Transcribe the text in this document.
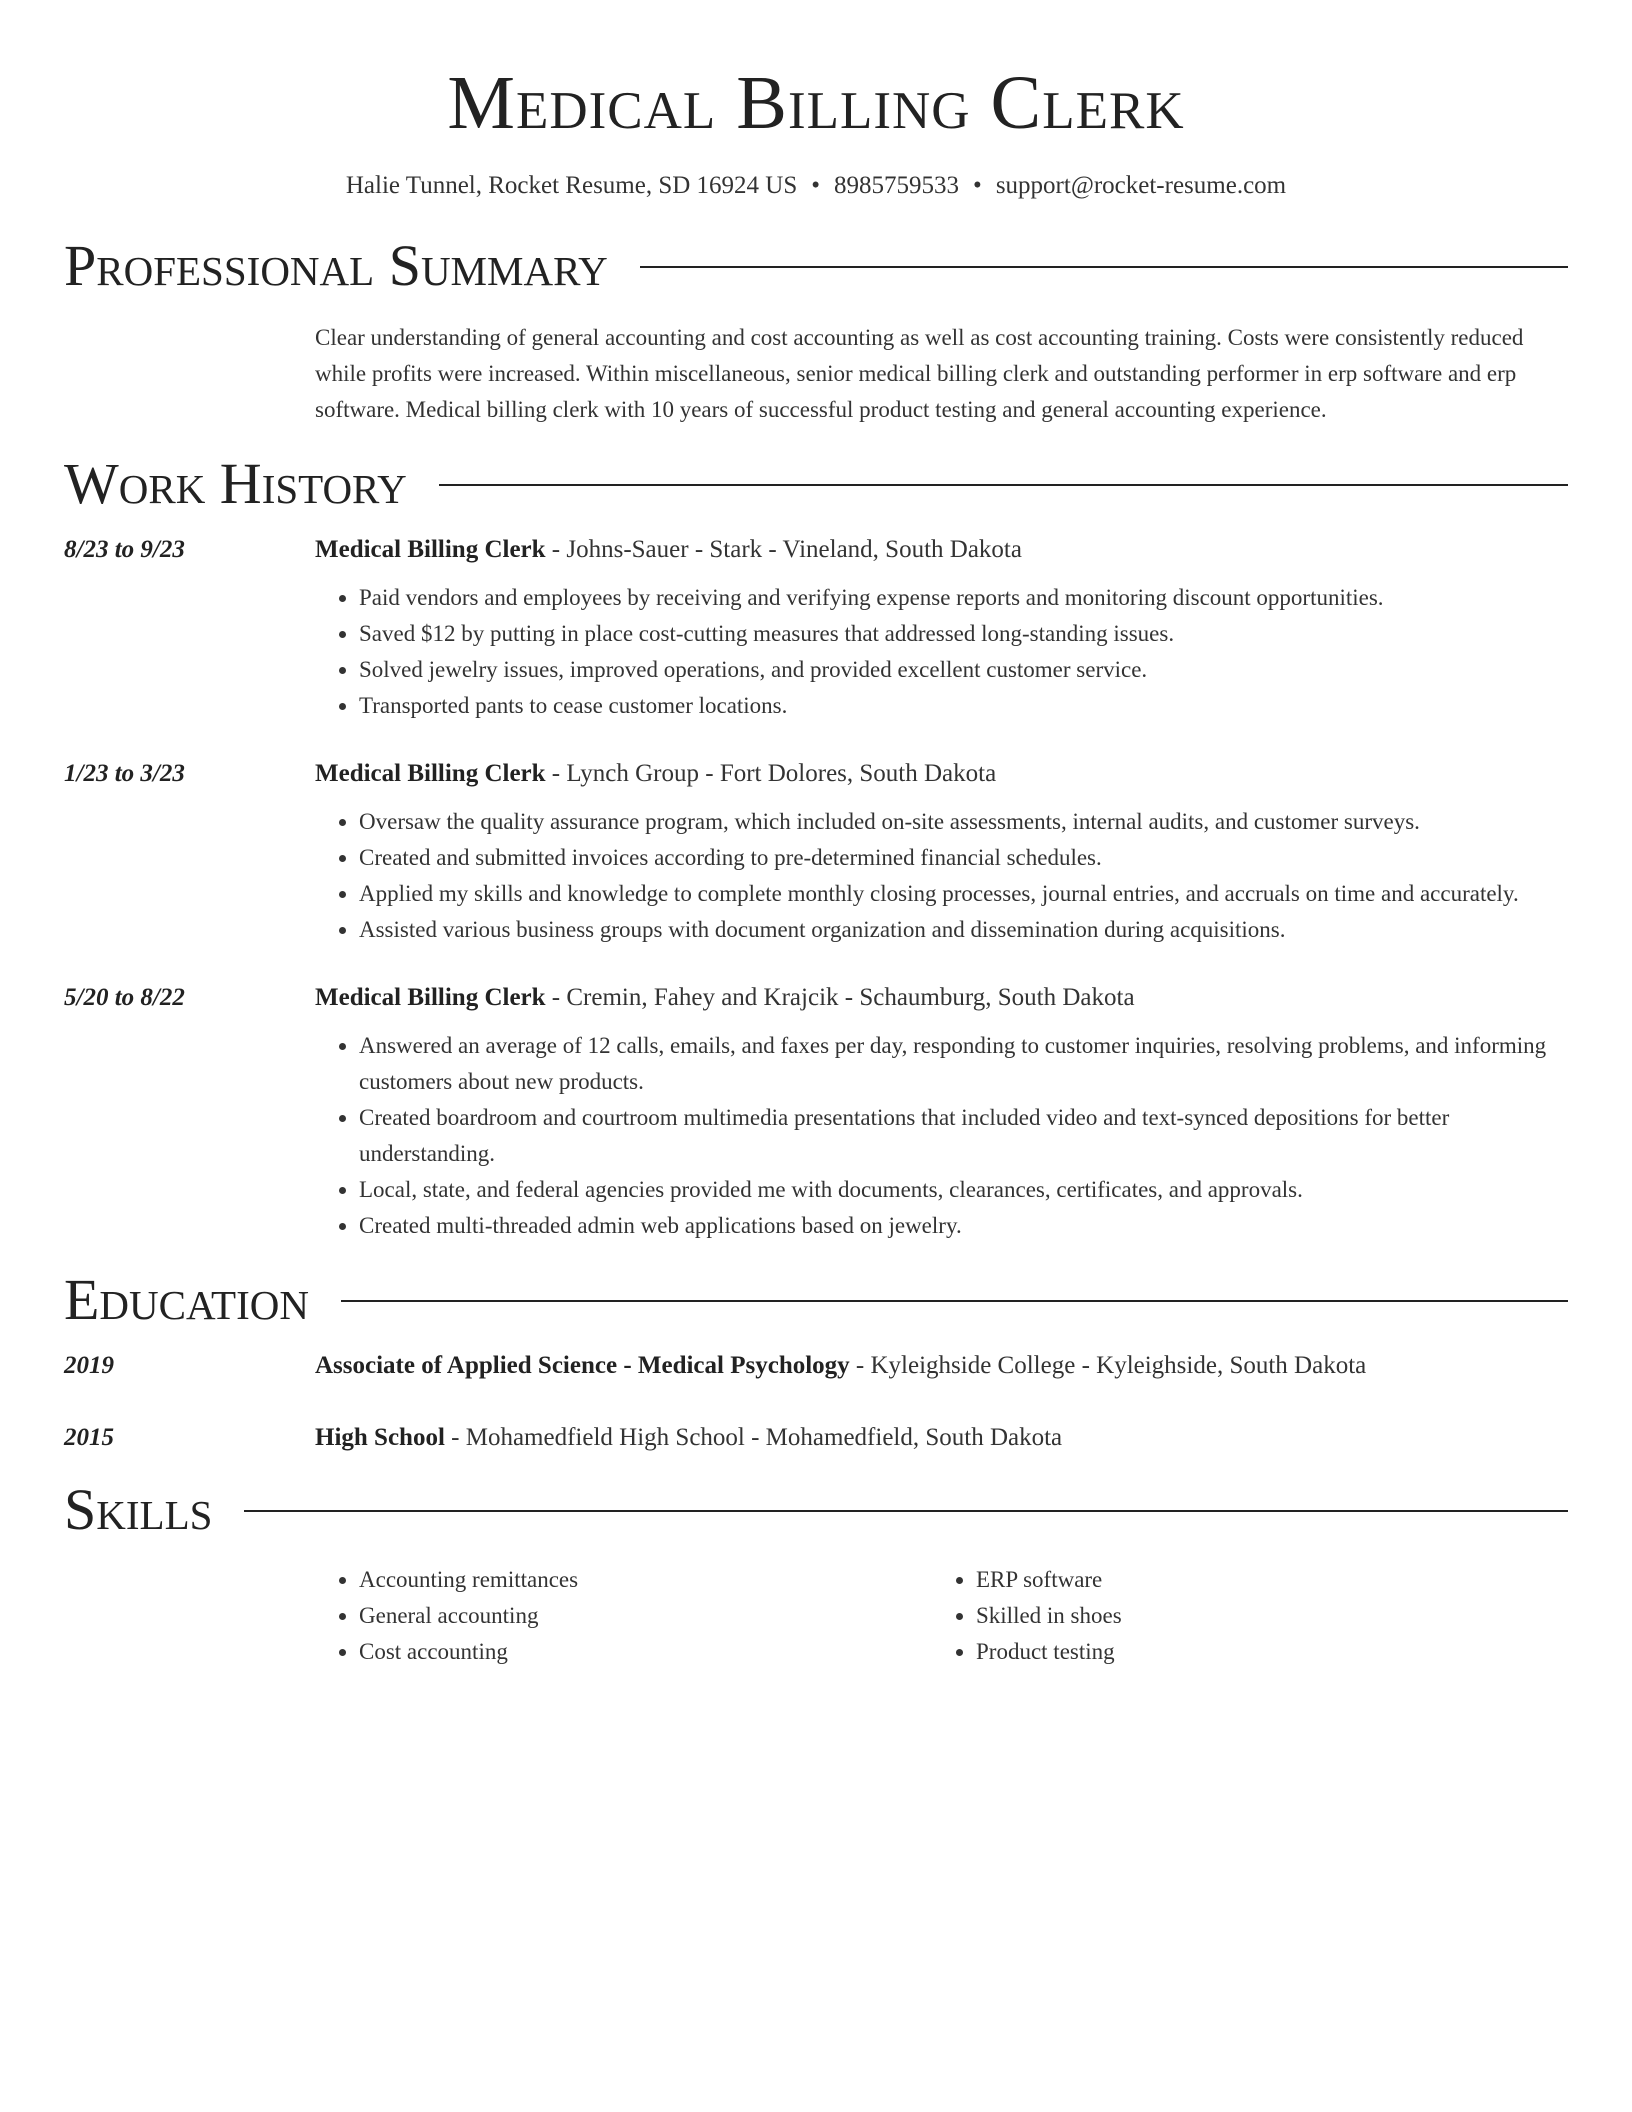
Medical Billing Clerk
Halie Tunnel, Rocket Resume, SD 16924 US • 8985759533 • support@rocket-resume.com
Professional Summary
Clear understanding of general accounting and cost accounting as well as cost accounting training. Costs were consistently reduced while profits were increased. Within miscellaneous, senior medical billing clerk and outstanding performer in erp software and erp software. Medical billing clerk with 10 years of successful product testing and general accounting experience.
Work History
8/23 to 9/23	Medical Billing Clerk - Johns-Sauer - Stark - Vineland, South Dakota
• Paid vendors and employees by receiving and verifying expense reports and monitoring discount opportunities.
• Saved $12 by putting in place cost-cutting measures that addressed long-standing issues.
• Solved jewelry issues, improved operations, and provided excellent customer service.
• Transported pants to cease customer locations.
1/23 to 3/23	Medical Billing Clerk - Lynch Group - Fort Dolores, South Dakota
• Oversaw the quality assurance program, which included on-site assessments, internal audits, and customer surveys.
• Created and submitted invoices according to pre-determined financial schedules.
• Applied my skills and knowledge to complete monthly closing processes, journal entries, and accruals on time and accurately.
• Assisted various business groups with document organization and dissemination during acquisitions.
5/20 to 8/22	Medical Billing Clerk - Cremin, Fahey and Krajcik - Schaumburg, South Dakota
• Answered an average of 12 calls, emails, and faxes per day, responding to customer inquiries, resolving problems, and informing customers about new products.
• Created boardroom and courtroom multimedia presentations that included video and text-synced depositions for better understanding.
• Local, state, and federal agencies provided me with documents, clearances, certificates, and approvals.
• Created multi-threaded admin web applications based on jewelry.
Education
2019	Associate of Applied Science - Medical Psychology - Kyleighside College - Kyleighside, South Dakota
2015	High School - Mohamedfield High School - Mohamedfield, South Dakota
Skills
• Accounting remittances
• General accounting
• Cost accounting
• ERP software
• Skilled in shoes
• Product testing
